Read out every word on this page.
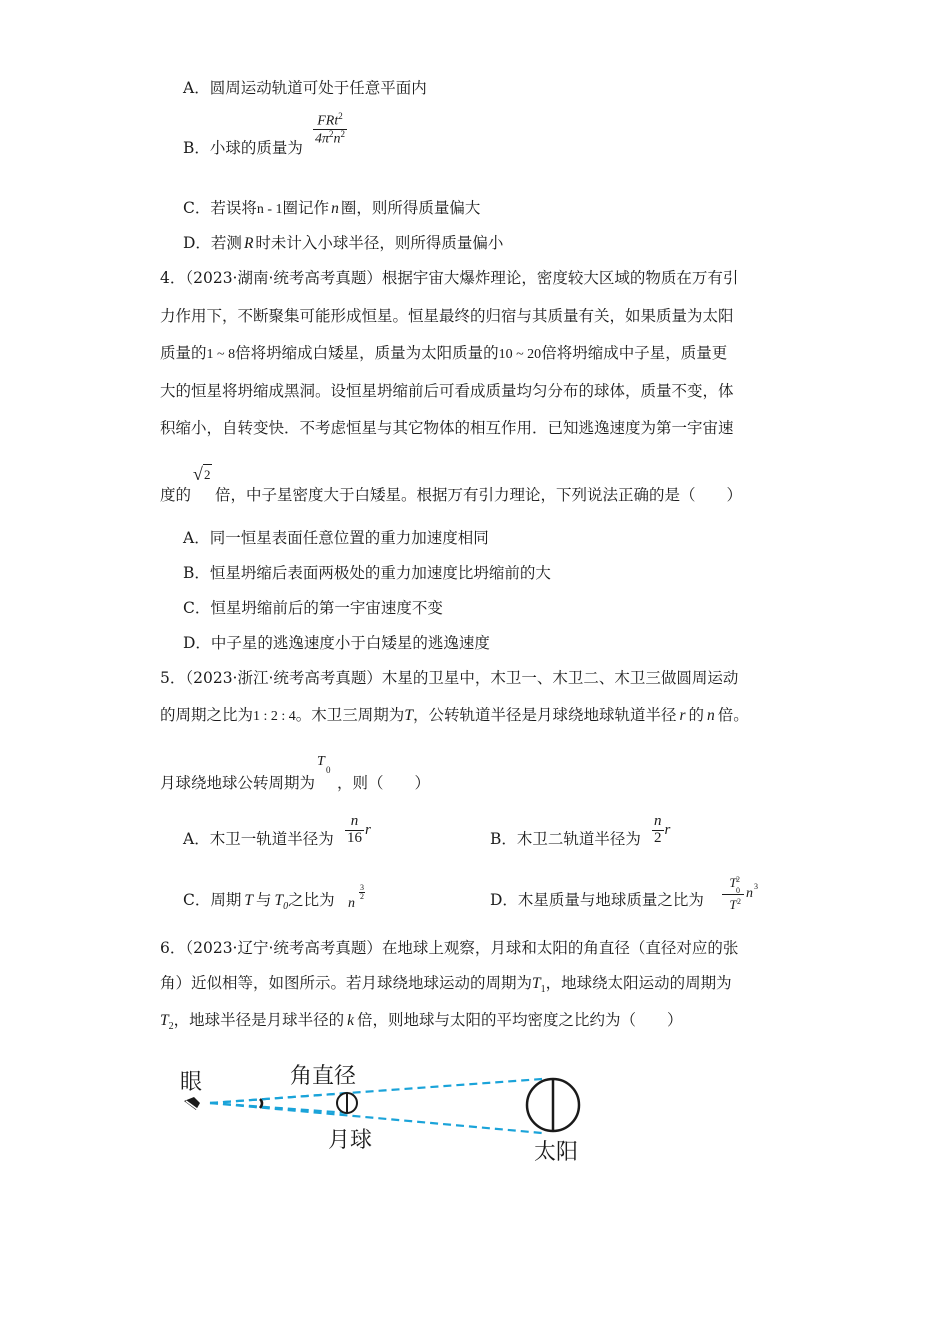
A．圆周运动轨道可处于任意平面内
B．小球的质量为
$\frac{FRt^2}{4\pi^2n^2}$
C．若误将n - 1圈记作 n 圈，则所得质量偏大
D．若测 R 时未计入小球半径，则所得质量偏小
4．（2023·湖南·统考高考真题）根据宇宙大爆炸理论，密度较大区域的物质在万有引
力作用下，不断聚集可能形成恒星。恒星最终的归宿与其质量有关，如果质量为太阳
质量的1 ~ 8倍将坍缩成白矮星，质量为太阳质量的10 ~ 20倍将坍缩成中子星，质量更
大的恒星将坍缩成黑洞。设恒星坍缩前后可看成质量均匀分布的球体，质量不变，体
积缩小，自转变快．不考虑恒星与其它物体的相互作用．已知逃逸速度为第一宇宙速
度的
√ 2
倍，中子星密度大于白矮星。根据万有引力理论，下列说法正确的是（　　）
A．同一恒星表面任意位置的重力加速度相同
B．恒星坍缩后表面两极处的重力加速度比坍缩前的大
C．恒星坍缩前后的第一宇宙速度不变
D．中子星的逃逸速度小于白矮星的逃逸速度
5．（2023·浙江·统考高考真题）木星的卫星中，木卫一、木卫二、木卫三做圆周运动
的周期之比为1 : 2 : 4。木卫三周期为T，公转轨道半径是月球绕地球轨道半径 r 的 n 倍。
月球绕地球公转周期为
T
0
，则（　　）
A．木卫一轨道半径为 $\frac{n}{16}$ r
B．木卫二轨道半径为 $\frac{n}{2}$ r
C．周期 T 与 $T_0$之比为 n
$\frac{3}{2}$	D．木星质量与地球质量之比为
T 2
0
T 2
n 3
6．（2023·辽宁·统考高考真题）在地球上观察，月球和太阳的角直径（直径对应的张
角）近似相等，如图所示。若月球绕地球运动的周期为$T_1$，地球绕太阳运动的周期为
$T_2$，地球半径是月球半径的 k 倍，则地球与太阳的平均密度之比约为（　　）
眼	角直径
月球	太阳
